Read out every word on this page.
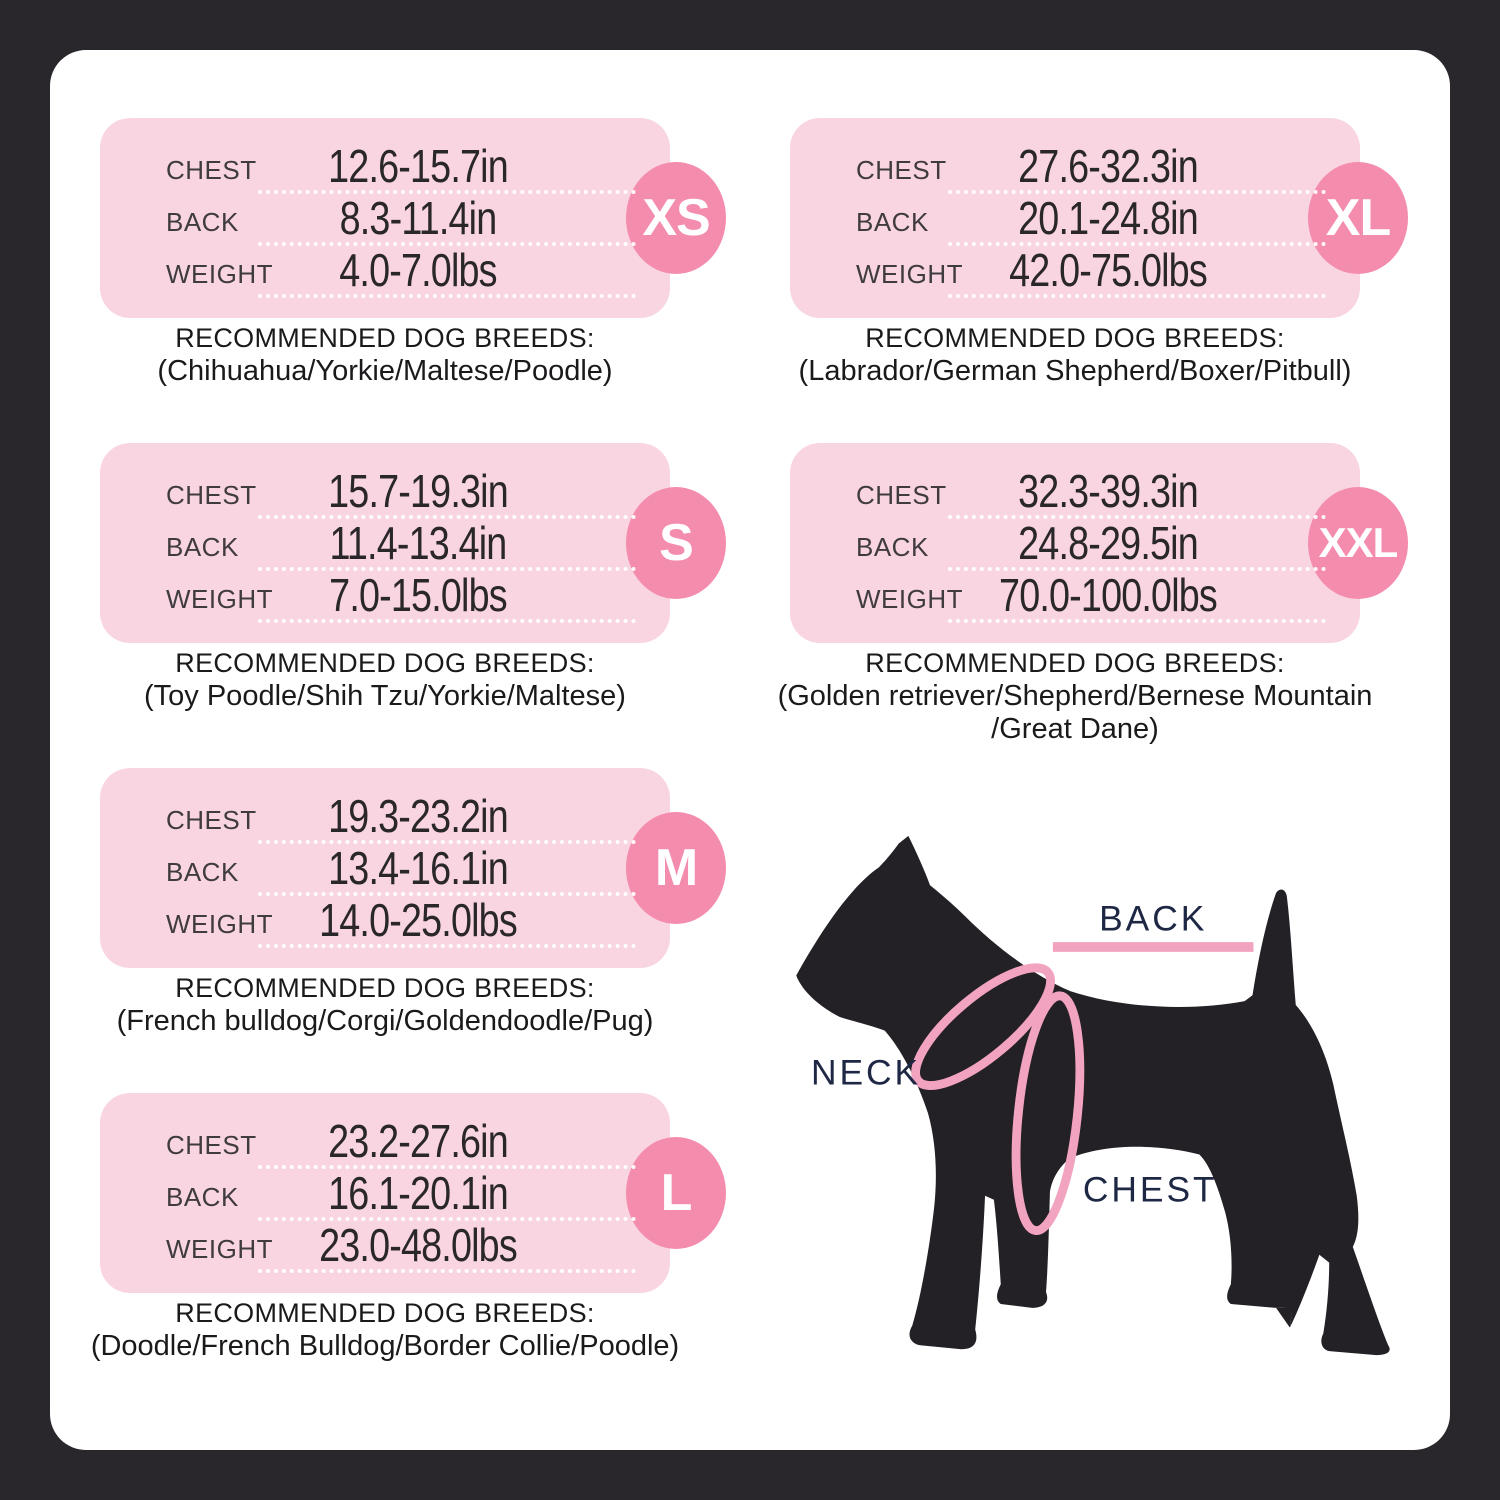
CHEST	12.6-15.7in
BACK	8.3-11.4in
WEIGHT	4.0-7.0lbs
XS
RECOMMENDED DOG BREEDS:
(Chihuahua/Yorkie/Maltese/Poodle)
CHEST	15.7-19.3in
BACK	11.4-13.4in
WEIGHT	7.0-15.0lbs
S
RECOMMENDED DOG BREEDS:
(Toy Poodle/Shih Tzu/Yorkie/Maltese)
CHEST	19.3-23.2in
BACK	13.4-16.1in
WEIGHT	14.0-25.0lbs
M
RECOMMENDED DOG BREEDS:
(French bulldog/Corgi/Goldendoodle/Pug)
CHEST	23.2-27.6in
BACK	16.1-20.1in
WEIGHT	23.0-48.0lbs
L
RECOMMENDED DOG BREEDS:
(Doodle/French Bulldog/Border Collie/Poodle)
CHEST	27.6-32.3in
BACK	20.1-24.8in
WEIGHT	42.0-75.0lbs
XL
RECOMMENDED DOG BREEDS:
(Labrador/German Shepherd/Boxer/Pitbull)
CHEST	32.3-39.3in
BACK	24.8-29.5in
WEIGHT 70.0-100.0lbs
XXL
RECOMMENDED DOG BREEDS:
(Golden retriever/Shepherd/Bernese Mountain
/Great Dane)
BACK
NECK
CHEST
